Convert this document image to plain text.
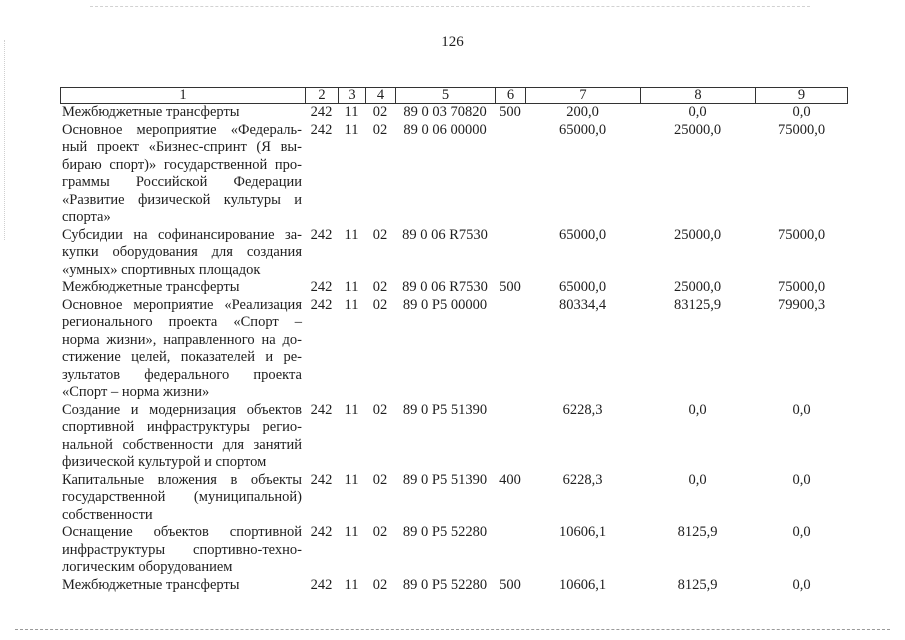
126
1	2	3	4	5	6	7	8	9
Межбюджетные трансферты	242 11 02	89 0 03 70820 500	200,0	0,0	0,0
Основное мероприятие «Федераль-
ный проект «Бизнес-спринт (Я вы-
бираю спорт)» государственной про-
граммы Российской Федерации
«Развитие физической культуры и
спорта»
242 11 02	89 0 06 00000	65000,0	25000,0	75000,0
Субсидии на софинансирование за-
купки оборудования для создания
«умных» спортивных площадок
242 11 02	89 0 06 R7530	65000,0	25000,0	75000,0
Межбюджетные трансферты	242 11 02	89 0 06 R7530 500	65000,0	25000,0	75000,0
Основное мероприятие «Реализация
регионального проекта «Спорт –
норма жизни», направленного на до-
стижение целей, показателей и ре-
зультатов федерального проекта
«Спорт – норма жизни»
242 11 02	89 0 P5 00000	80334,4	83125,9	79900,3
Создание и модернизация объектов
спортивной инфраструктуры регио-
нальной собственности для занятий
физической культурой и спортом
242 11 02	89 0 P5 51390	6228,3	0,0	0,0
Капитальные вложения в объекты
государственной (муниципальной)
собственности
242 11 02	89 0 P5 51390 400	6228,3	0,0	0,0
Оснащение объектов спортивной
инфраструктуры спортивно-техно-
логическим оборудованием
242 11 02	89 0 P5 52280	10606,1	8125,9	0,0
Межбюджетные трансферты	242 11 02	89 0 P5 52280 500	10606,1	8125,9	0,0
